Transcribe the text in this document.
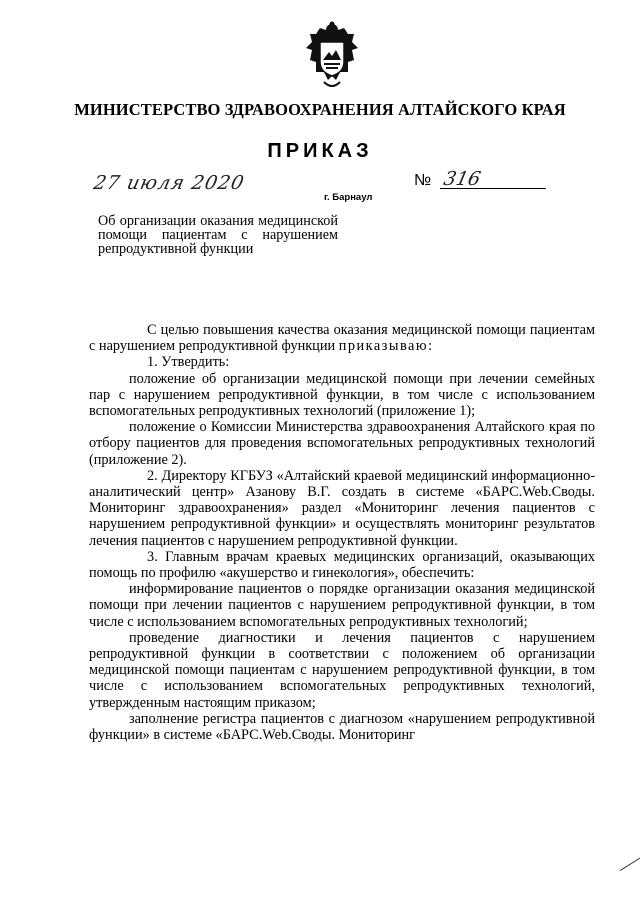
МИНИСТЕРСТВО ЗДРАВООХРАНЕНИЯ АЛТАЙСКОГО КРАЯ
ПРИКАЗ
27 июля 2020
г. Барнаул
№ 316
Об организации оказания медицинской помощи пациентам с нарушением репродуктивной функции

С целью повышения качества оказания медицинской помощи пациентам с нарушением репродуктивной функции приказываю:

1. Утвердить:

положение об организации медицинской помощи при лечении семейных пар с нарушением репродуктивной функции, в том числе с использованием вспомогательных репродуктивных технологий (приложение 1);

положение о Комиссии Министерства здравоохранения Алтайского края по отбору пациентов для проведения вспомогательных репродуктивных технологий (приложение 2).

2. Директору КГБУЗ «Алтайский краевой медицинский информационно-аналитический центр» Азанову В.Г. создать в системе «БАРС.Web.Своды. Мониторинг здравоохранения» раздел «Мониторинг лечения пациентов с нарушением репродуктивной функции» и осуществлять мониторинг результатов лечения пациентов с нарушением репродуктивной функции.

3. Главным врачам краевых медицинских организаций, оказывающих помощь по профилю «акушерство и гинекология», обеспечить:

информирование пациентов о порядке организации оказания медицинской помощи при лечении пациентов с нарушением репродуктивной функции, в том числе с использованием вспомогательных репродуктивных технологий;

проведение диагностики и лечения пациентов с нарушением репродуктивной функции в соответствии с положением об организации медицинской помощи пациентам с нарушением репродуктивной функции, в том числе с использованием вспомогательных репродуктивных технологий, утвержденным настоящим приказом;

заполнение регистра пациентов с диагнозом «нарушением репродуктивной функции» в системе «БАРС.Web.Своды. Мониторинг
